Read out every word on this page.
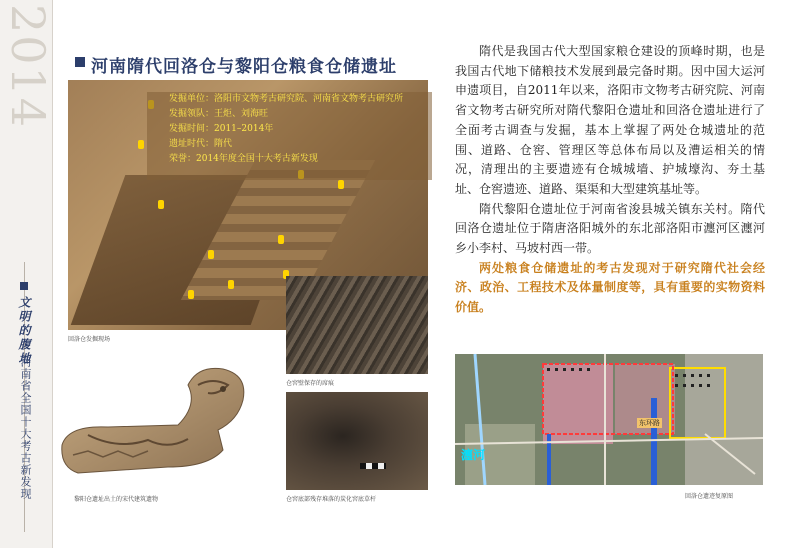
2014
文明的腹地
河南省全国十大考古新发现
河南隋代回洛仓与黎阳仓粮食仓储遗址
发掘单位：洛阳市文物考古研究院、河南省文物考古研究所
发掘领队：王炬、刘海旺
发掘时间：2011–2014年
遗址时代：隋代
荣誉：2014年度全国十大考古新发现
回洛仓发掘现场
仓窖壁保存的席痕
仓窖底部残存堆落的炭化窖底草杆
黎阳仓遗址出土的宋代建筑遗物

隋代是我国古代大型国家粮仓建设的顶峰时期，也是我国古代地下储粮技术发展到最完备时期。因中国大运河申遗项目，自2011年以来，洛阳市文物考古研究院、河南省文物考古研究所对隋代黎阳仓遗址和回洛仓遗址进行了全面考古调查与发掘，基本上掌握了两处仓城遗址的范围、道路、仓窖、管理区等总体布局以及漕运相关的情况，清理出的主要遗迹有仓城城墙、护城壕沟、夯土基址、仓窖遗迹、道路、渠渠和大型建筑基址等。

隋代黎阳仓遗址位于河南省浚县城关镇东关村。隋代回洛仓遗址位于隋唐洛阳城外的东北部洛阳市瀍河区瀍河乡小李村、马坡村西一带。

两处粮食仓储遗址的考古发现对于研究隋代社会经济、政治、工程技术及体量制度等，具有重要的实物资料价值。

瀍河
东环路
回洛仓遗迹复原图
